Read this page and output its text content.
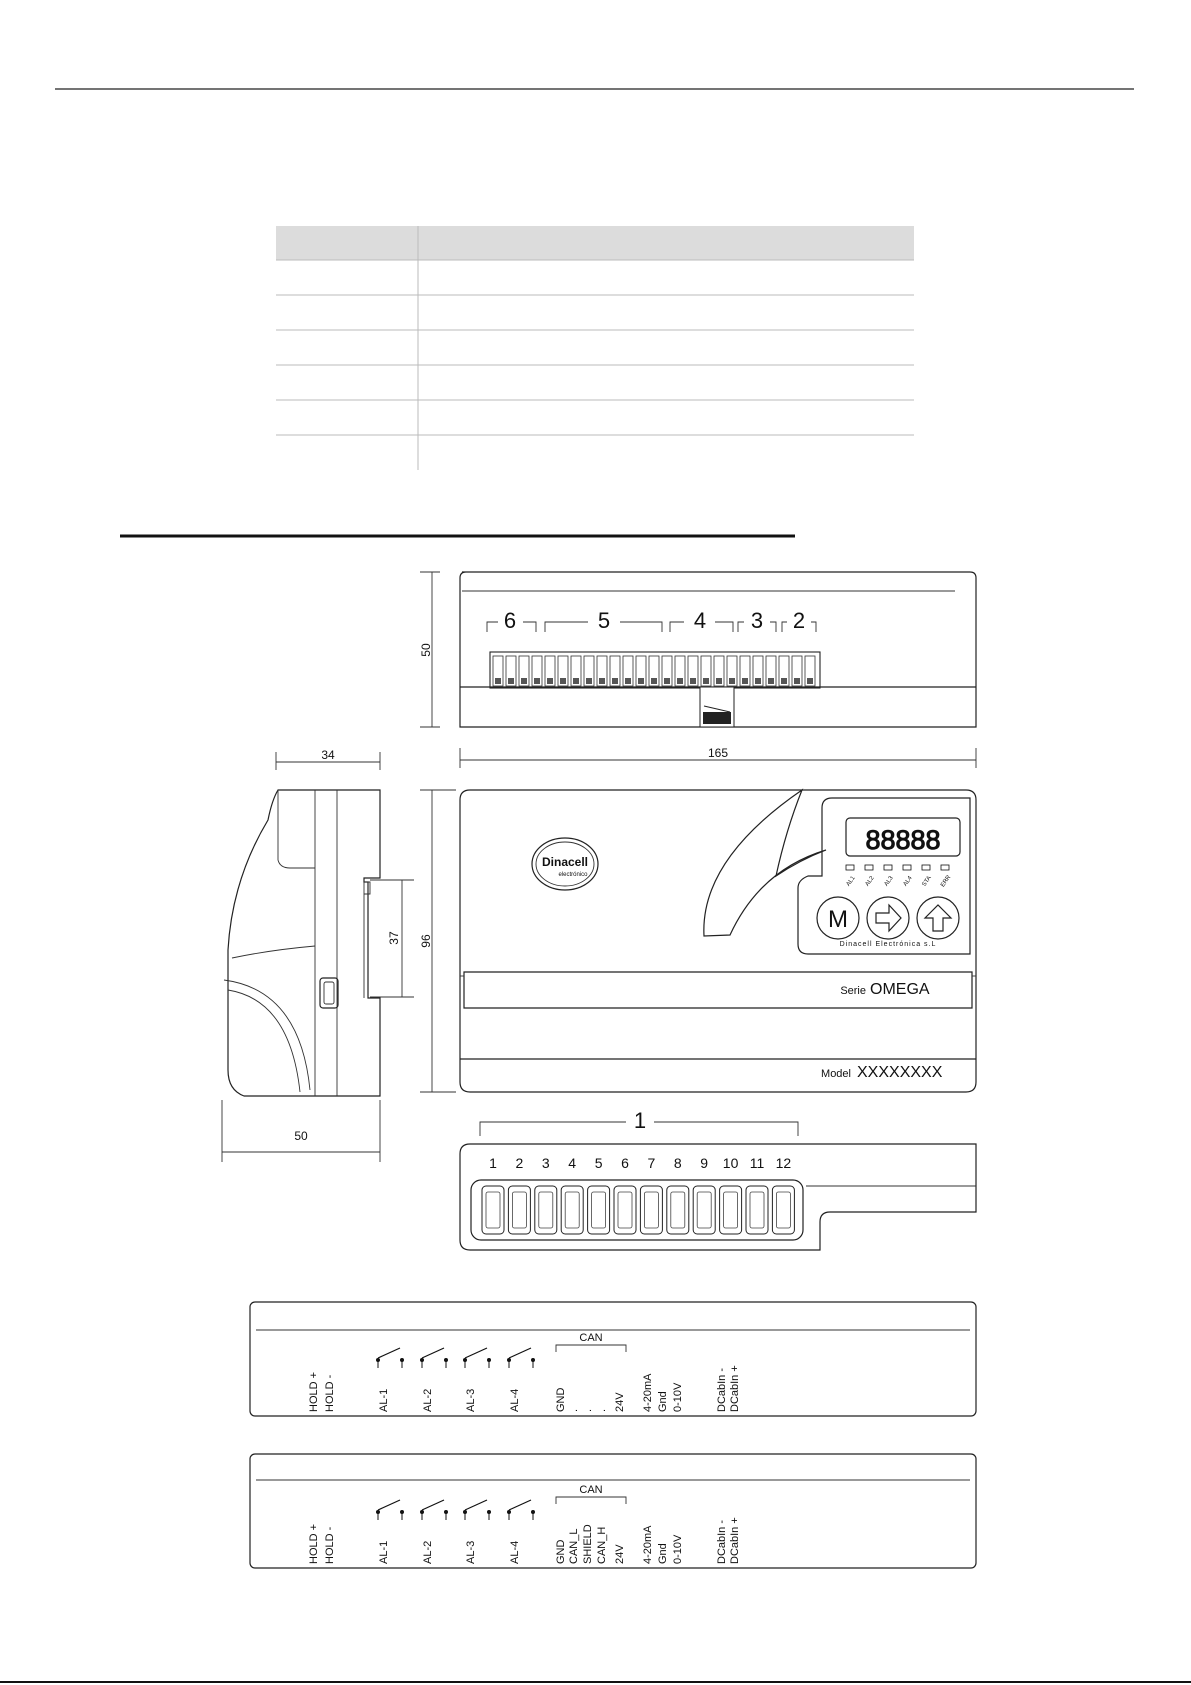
50
6	5	4 3 2
34
37
50
165
96
Dinacell
electrónico
88888
AL1 AL2 AL3 AL4 STA ERR
M
Dinacell Electrónica s.L
Serie OMEGA
Model XXXXXXXX
1
1 2 3 4 5 6 7 8 9 10 11 12
CAN
HOLD + HOLD -	AL-1	AL-2	AL-3	AL-4	GND . . . 24V 4-20mA Gnd 0-10V	DCabIn - DCabIn +
CAN
HOLD + HOLD -	AL-1	AL-2	AL-3	AL-4	GND CAN_L SHIELD CAN_H 24V 4-20mA Gnd 0-10V	DCabIn - DCabIn +
